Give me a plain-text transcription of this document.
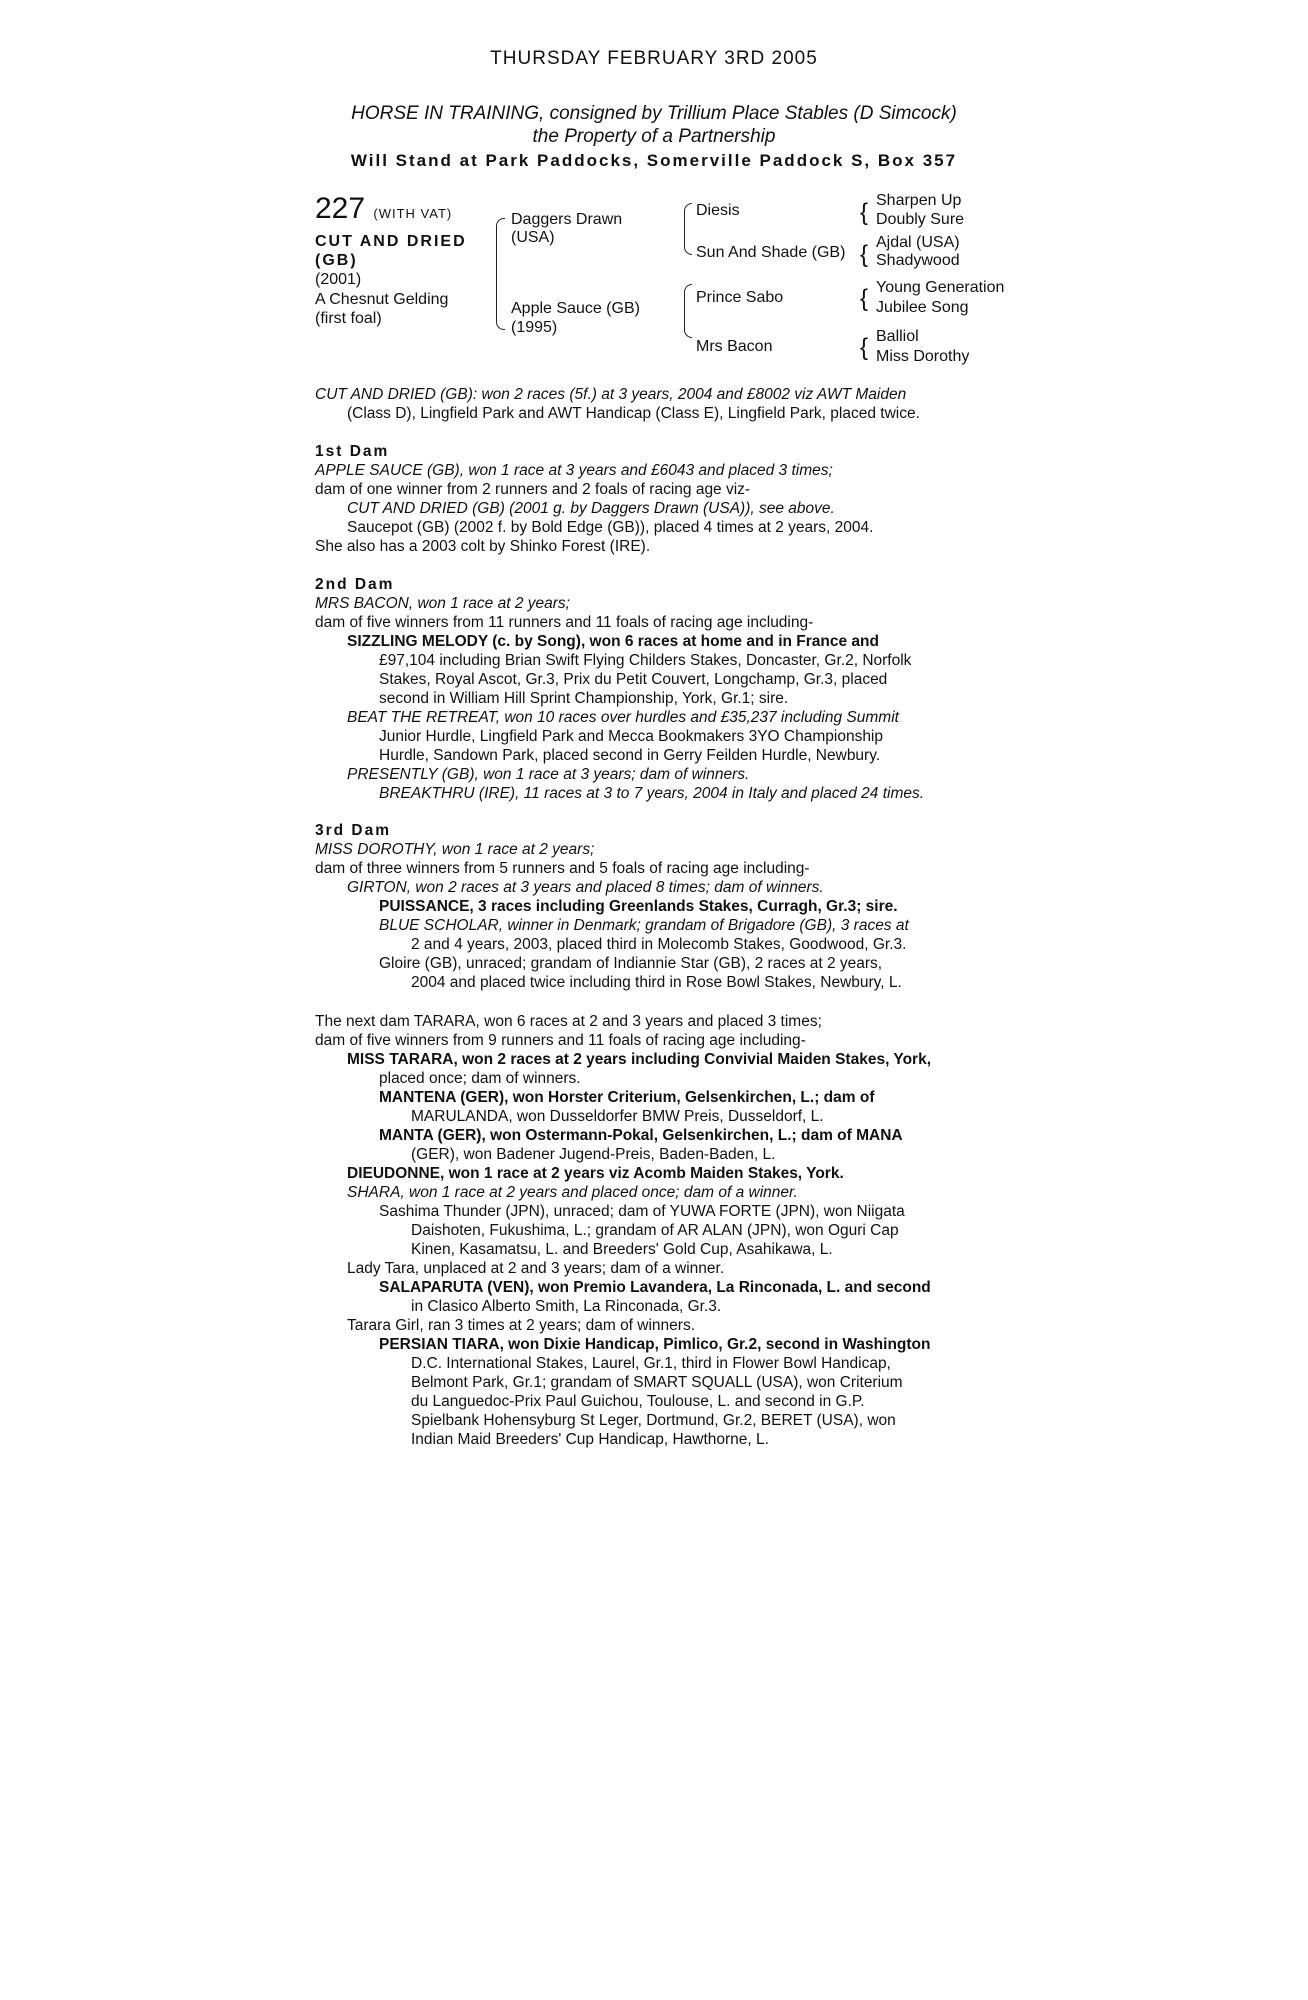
THURSDAY FEBRUARY 3RD 2005
HORSE IN TRAINING, consigned by Trillium Place Stables (D Simcock)
the Property of a Partnership
Will Stand at Park Paddocks, Somerville Paddock S, Box 357
227 (WITH VAT)
CUT AND DRIED
(GB)
(2001)
A Chesnut Gelding
(first foal)
Daggers Drawn
(USA)
Apple Sauce (GB)
(1995)
Diesis
Sun And Shade (GB)
Prince Sabo
Mrs Bacon
{ Sharpen Up
Doubly Sure
{ Ajdal (USA)
Shadywood
{ Young Generation
Jubilee Song
{ Balliol
Miss Dorothy

CUT AND DRIED (GB): won 2 races (5f.) at 3 years, 2004 and £8002 viz AWT Maiden

(Class D), Lingfield Park and AWT Handicap (Class E), Lingfield Park, placed twice.

1st Dam

APPLE SAUCE (GB), won 1 race at 3 years and £6043 and placed 3 times;

dam of one winner from 2 runners and 2 foals of racing age viz-

CUT AND DRIED (GB) (2001 g. by Daggers Drawn (USA)), see above.

Saucepot (GB) (2002 f. by Bold Edge (GB)), placed 4 times at 2 years, 2004.

She also has a 2003 colt by Shinko Forest (IRE).

2nd Dam

MRS BACON, won 1 race at 2 years;

dam of five winners from 11 runners and 11 foals of racing age including-

SIZZLING MELODY (c. by Song), won 6 races at home and in France and

£97,104 including Brian Swift Flying Childers Stakes, Doncaster, Gr.2, Norfolk

Stakes, Royal Ascot, Gr.3, Prix du Petit Couvert, Longchamp, Gr.3, placed

second in William Hill Sprint Championship, York, Gr.1; sire.

BEAT THE RETREAT, won 10 races over hurdles and £35,237 including Summit

Junior Hurdle, Lingfield Park and Mecca Bookmakers 3YO Championship

Hurdle, Sandown Park, placed second in Gerry Feilden Hurdle, Newbury.

PRESENTLY (GB), won 1 race at 3 years; dam of winners.

BREAKTHRU (IRE), 11 races at 3 to 7 years, 2004 in Italy and placed 24 times.

3rd Dam

MISS DOROTHY, won 1 race at 2 years;

dam of three winners from 5 runners and 5 foals of racing age including-

GIRTON, won 2 races at 3 years and placed 8 times; dam of winners.

PUISSANCE, 3 races including Greenlands Stakes, Curragh, Gr.3; sire.

BLUE SCHOLAR, winner in Denmark; grandam of Brigadore (GB), 3 races at

2 and 4 years, 2003, placed third in Molecomb Stakes, Goodwood, Gr.3.

Gloire (GB), unraced; grandam of Indiannie Star (GB), 2 races at 2 years,

2004 and placed twice including third in Rose Bowl Stakes, Newbury, L.

The next dam TARARA, won 6 races at 2 and 3 years and placed 3 times;

dam of five winners from 9 runners and 11 foals of racing age including-

MISS TARARA, won 2 races at 2 years including Convivial Maiden Stakes, York,

placed once; dam of winners.

MANTENA (GER), won Horster Criterium, Gelsenkirchen, L.; dam of

MARULANDA, won Dusseldorfer BMW Preis, Dusseldorf, L.

MANTA (GER), won Ostermann-Pokal, Gelsenkirchen, L.; dam of MANA

(GER), won Badener Jugend-Preis, Baden-Baden, L.

DIEUDONNE, won 1 race at 2 years viz Acomb Maiden Stakes, York.

SHARA, won 1 race at 2 years and placed once; dam of a winner.

Sashima Thunder (JPN), unraced; dam of YUWA FORTE (JPN), won Niigata

Daishoten, Fukushima, L.; grandam of AR ALAN (JPN), won Oguri Cap

Kinen, Kasamatsu, L. and Breeders' Gold Cup, Asahikawa, L.

Lady Tara, unplaced at 2 and 3 years; dam of a winner.

SALAPARUTA (VEN), won Premio Lavandera, La Rinconada, L. and second

in Clasico Alberto Smith, La Rinconada, Gr.3.

Tarara Girl, ran 3 times at 2 years; dam of winners.

PERSIAN TIARA, won Dixie Handicap, Pimlico, Gr.2, second in Washington

D.C. International Stakes, Laurel, Gr.1, third in Flower Bowl Handicap,

Belmont Park, Gr.1; grandam of SMART SQUALL (USA), won Criterium

du Languedoc-Prix Paul Guichou, Toulouse, L. and second in G.P.

Spielbank Hohensyburg St Leger, Dortmund, Gr.2, BERET (USA), won

Indian Maid Breeders' Cup Handicap, Hawthorne, L.
